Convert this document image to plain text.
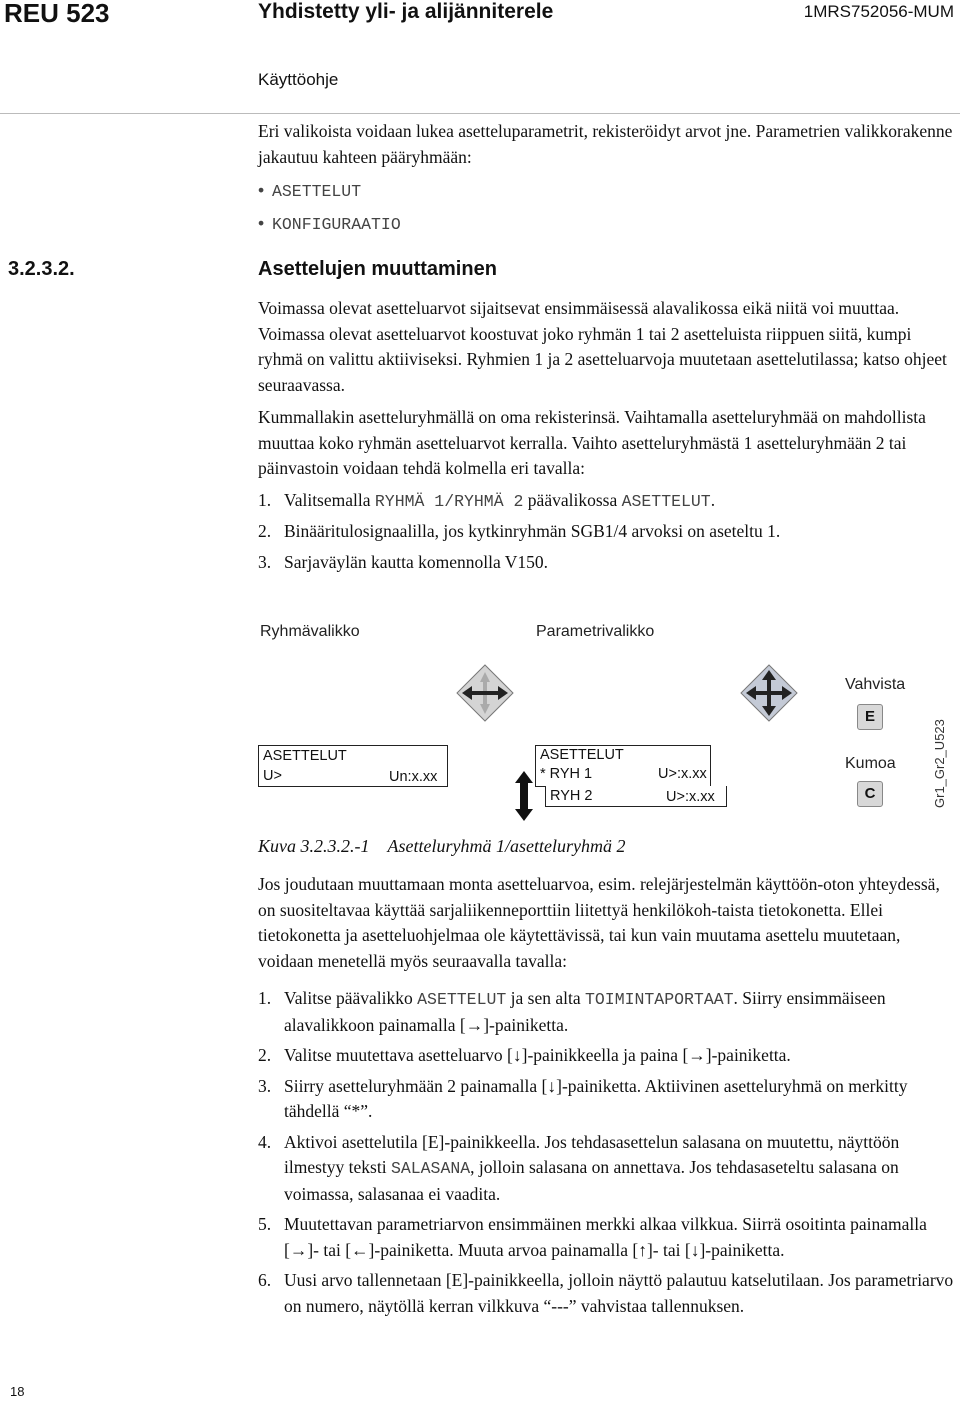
REU 523	Yhdistetty yli- ja alijänniterele	1MRS752056-MUM
Käyttöohje

Eri valikoista voidaan lukea asetteluparametrit, rekisteröidyt arvot jne. Parametrien valikkorakenne jakautuu kahteen pääryhmään:

• ASETTELUT
• KONFIGURAATIO
3.2.3.2.	Asettelujen muuttaminen

Voimassa olevat asetteluarvot sijaitsevat ensimmäisessä alavalikossa eikä niitä voi muuttaa. Voimassa olevat asetteluarvot koostuvat joko ryhmän 1 tai 2 asetteluista riippuen siitä, kumpi ryhmä on valittu aktiiviseksi. Ryhmien 1 ja 2 asetteluarvoja muutetaan asettelutilassa; katso ohjeet seuraavassa.

Kummallakin asetteluryhmällä on oma rekisterinsä. Vaihtamalla asetteluryhmää on mahdollista muuttaa koko ryhmän asetteluarvot kerralla. Vaihto asetteluryhmästä 1 asetteluryhmään 2 tai päinvastoin voidaan tehdä kolmella eri tavalla:

1. Valitsemalla RYHMÄ 1/RYHMÄ 2 päävalikossa ASETTELUT.
2. Binääritulosignaalilla, jos kytkinryhmän SGB1/4 arvoksi on aseteltu 1.
3. Sarjaväylän kautta komennolla V150.
Ryhmävalikko	Parametrivalikko
Vahvista
Kumoa
E
C
ASETTELUT
U>	Un:x.xx
ASETTELUT
* RYH 1	U>:x.xx
RYH 2	U>:x.xx	Gr1_Gr2_U523
Kuva 3.2.3.2.-1 Asetteluryhmä 1/asetteluryhmä 2

Jos joudutaan muuttamaan monta asetteluarvoa, esim. relejärjestelmän käyttöön-oton yhteydessä, on suositeltavaa käyttää sarjaliikenneporttiin liitettyä henkilökoh-taista tietokonetta. Ellei tietokonetta ja asetteluohjelmaa ole käytettävissä, tai kun vain muutama asettelu muutetaan, voidaan menetellä myös seuraavalla tavalla:

1. Valitse päävalikko ASETTELUT ja sen alta TOIMINTAPORTAAT. Siirry ensimmäiseen alavalikkoon painamalla [→]-painiketta.
2. Valitse muutettava asetteluarvo [↓]-painikkeella ja paina [→]-painiketta.
3. Siirry asetteluryhmään 2 painamalla [↓]-painiketta. Aktiivinen asetteluryhmä on merkitty tähdellä “*”.
4. Aktivoi asettelutila [E]-painikkeella. Jos tehdasasettelun salasana on muutettu, näyttöön ilmestyy teksti SALASANA, jolloin salasana on annettava. Jos tehdasaseteltu salasana on voimassa, salasanaa ei vaadita.
5. Muutettavan parametriarvon ensimmäinen merkki alkaa vilkkua. Siirrä osoitinta painamalla [→]- tai [←]-painiketta. Muuta arvoa painamalla [↑]- tai [↓]-painiketta.
6. Uusi arvo tallennetaan [E]-painikkeella, jolloin näyttö palautuu katselutilaan. Jos parametriarvo on numero, näytöllä kerran vilkkuva “---” vahvistaa tallennuksen.
18
